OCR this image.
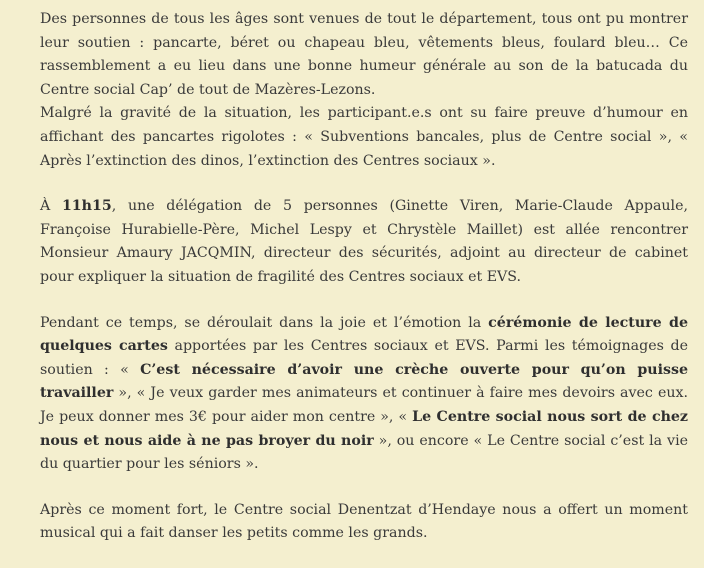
Des personnes de tous les âges sont venues de tout le département, tous ont pu montrer leur soutien : pancarte, béret ou chapeau bleu, vêtements bleus, foulard bleu… Ce rassemblement a eu lieu dans une bonne humeur générale au son de la batucada du Centre social Cap’ de tout de Mazères-Lezons.
Malgré la gravité de la situation, les participant.e.s ont su faire preuve d’humour en affichant des pancartes rigolotes : « Subventions bancales, plus de Centre social », « Après l’extinction des dinos, l’extinction des Centres sociaux ».

À 11h15, une délégation de 5 personnes (Ginette Viren, Marie-Claude Appaule, Françoise Hurabielle-Père, Michel Lespy et Chrystèle Maillet) est allée rencontrer Monsieur Amaury JACQMIN, directeur des sécurités, adjoint au directeur de cabinet pour expliquer la situation de fragilité des Centres sociaux et EVS.

Pendant ce temps, se déroulait dans la joie et l’émotion la cérémonie de lecture de quelques cartes apportées par les Centres sociaux et EVS. Parmi les témoignages de soutien : « C’est nécessaire d’avoir une crèche ouverte pour qu’on puisse travailler », « Je veux garder mes animateurs et continuer à faire mes devoirs avec eux. Je peux donner mes 3€ pour aider mon centre », « Le Centre social nous sort de chez nous et nous aide à ne pas broyer du noir », ou encore « Le Centre social c’est la vie du quartier pour les séniors ».

Après ce moment fort, le Centre social Denentzat d’Hendaye nous a offert un moment musical qui a fait danser les petits comme les grands.
